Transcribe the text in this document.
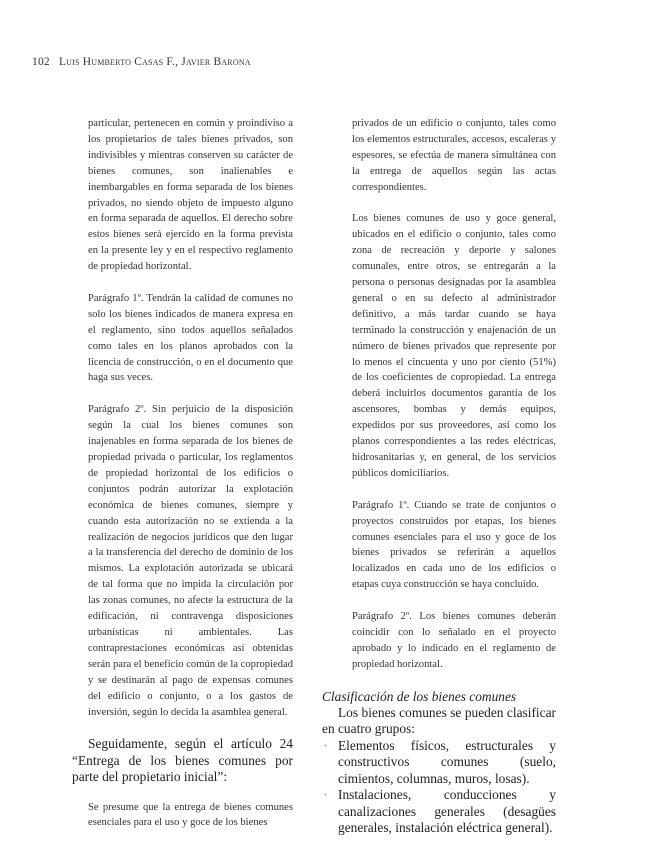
102 Luis Humberto Casas F., Javier Barona

particular, pertenecen en común y proindiviso a los propietarios de tales bienes privados, son indivisibles y mientras conserven su carácter de bienes comunes, son inalienables e inembargables en forma separada de los bienes privados, no siendo objeto de impuesto alguno en forma separada de aquellos. El derecho sobre estos bienes será ejercido en la forma prevista en la presente ley y en el respectivo reglamento de propiedad horizontal.

Parágrafo 1º. Tendrán la calidad de comunes no solo los bienes indicados de manera expresa en el reglamento, sino todos aquellos señalados como tales en los planos aprobados con la licencia de construcción, o en el documento que haga sus veces.

Parágrafo 2º. Sin perjuicio de la disposición según la cual los bienes comunes son inajenables en forma separada de los bienes de propiedad privada o particular, los reglamentos de propiedad horizontal de los edificios o conjuntos podrán autorizar la explotación económica de bienes comunes, siempre y cuando esta autorización no se extienda a la realización de negocios jurídicos que den lugar a la transferencia del derecho de dominio de los mismos. La explotación autorizada se ubicará de tal forma que no impida la circulación por las zonas comunes, no afecte la estructura de la edificación, ni contravenga disposiciones urbanísticas ni ambientales. Las contraprestaciones económicas así obtenidas serán para el beneficio común de la copropiedad y se destinarán al pago de expensas comunes del edificio o conjunto, o a los gastos de inversión, según lo decida la asamblea general.

Seguidamente, según el artículo 24 “Entrega de los bienes comunes por parte del propietario inicial”:

Se presume que la entrega de bienes comunes esenciales para el uso y goce de los bienes

privados de un edificio o conjunto, tales como los elementos estructurales, accesos, escaleras y espesores, se efectúa de manera simultánea con la entrega de aquellos según las actas correspondientes.

Los bienes comunes de uso y goce general, ubicados en el edificio o conjunto, tales como zona de recreación y deporte y salones comunales, entre otros, se entregarán a la persona o personas designadas por la asamblea general o en su defecto al administrador definitivo, a más tardar cuando se haya terminado la construcción y enajenación de un número de bienes privados que represente por lo menos el cincuenta y uno por ciento (51%) de los coeficientes de copropiedad. La entrega deberá incluirlos documentos garantía de los ascensores, bombas y demás equipos, expedidos por sus proveedores, así como los planos correspondientes a las redes eléctricas, hidrosanitarias y, en general, de los servicios públicos domiciliarios.

Parágrafo 1º. Cuando se trate de conjuntos o proyectos construidos por etapas, los bienes comunes esenciales para el uso y goce de los bienes privados se referirán a aquellos localizados en cada uno de los edificios o etapas cuya construcción se haya concluido.

Parágrafo 2º. Los bienes comunes deberán coincidir con lo señalado en el proyecto aprobado y lo indicado en el reglamento de propiedad horizontal.

Clasificación de los bienes comunes

Los bienes comunes se pueden clasificar en cuatro grupos:

◦ Elementos físicos, estructurales y constructivos comunes (suelo, cimientos, columnas, muros, losas).
◦ Instalaciones, conducciones y canalizaciones generales (desagües generales, instalación eléctrica general).
